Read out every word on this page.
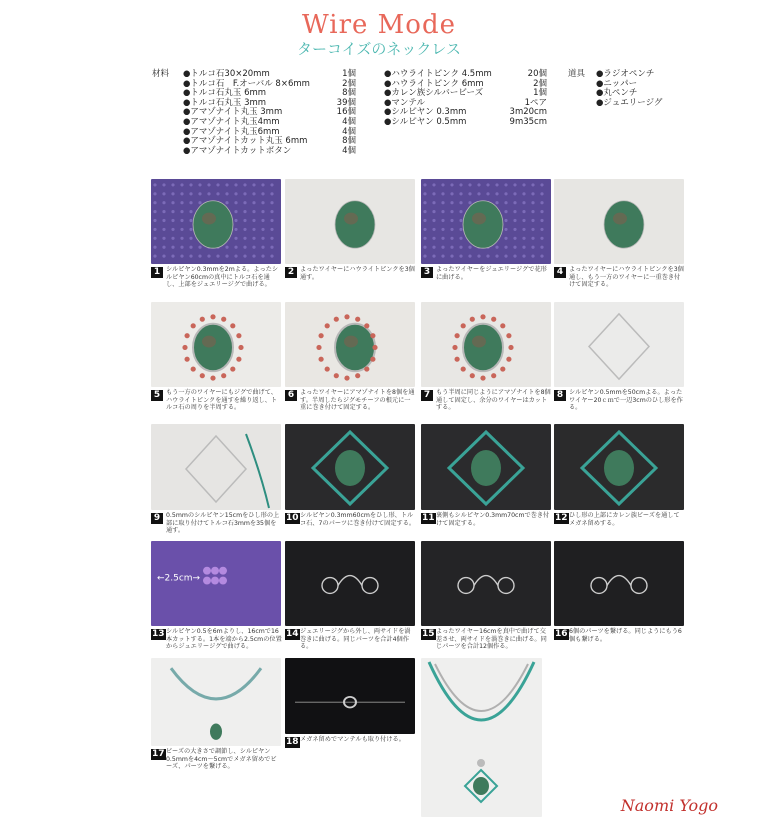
Wire Mode
ターコイズのネックレス
材料 ●トルコ石30×20mm	1個
●トルコ石　F.オーバル 8×6mm	2個
●トルコ石丸玉 6mm	8個
●トルコ石丸玉 3mm	39個
●アマゾナイト丸玉 3mm	16個
●アマゾナイト丸玉4mm	4個
●アマゾナイト丸玉6mm	4個
●アマゾナイトカット丸玉 6mm	8個
●アマゾナイトカットボタン	4個
●ハウライトピンク 4.5mm	20個
●ハウライトピンク 6mm	2個
●カレン族シルバービーズ	1個
●マンテル	1ペア
●シルピヤン 0.3mm	3m20cm
●シルピヤン 0.5mm	9m35cm
道具 ●ラジオペンチ
●ニッパー
●丸ペンチ
●ジュエリージグ
1 シルピヤン0.3mmを2mよる。よったシルピヤン60cmの真中にトルコ石を通し、上部をジュエリージグで曲げる。
2 よったワイヤーにハウライトピンクを3個通す。
3 よったワイヤーをジュエリージグで花形に曲げる。
4 よったワイヤーにハウライトピンクを3個通し、もう一方のワイヤーに一重巻き付けて固定する。
5 もう一方のワイヤーにもジグで曲げて、ハウライトピンクを通すを繰り返し、トルコ石の周りを半周する。
6 よったワイヤーにアマゾナイトを8個を通す。半周したらジグモチーフの根元に一重に巻き付けて固定する。
7 もう半周に同じようにアマゾナイトを8個通して固定し、余分のワイヤーはカットする。
8 シルピヤン0.5mmを50cmよる。よったワイヤー20ｃｍで一辺3cmのひし形を作る。
9 0.5mmのシルピヤン15cmをひし形の上部に取り付けてトルコ石3mmを35個を通す。
10 シルピヤン0.3mm60cmをひし形、トルコ石、7のパーツに巻き付けて固定する。
11 裏側もシルピヤン0.3mm70cmで巻き付けて固定する。
12 ひし形の上部にカレン族ビーズを通してメガネ留めする。
←2.5cm→
13 シルピヤン0.5を6mよりし、16cmで16本カットする。1本を端から2.5cmの位置からジュエリージグで曲げる。
14 ジュエリージグから外し、両サイドを渦巻きに曲げる。同じパーツを合計4個作る。
15 よったワイヤー16cmを真中で曲げて交差させ、両サイドを渦巻きに曲げる。同じパーツを合計12個作る。
16 6個のパーツを繋げる。同じようにもう6個も繋げる。
17 ビーズの大きさで調節し、シルピヤン0.5mmを4cm～5cmでメガネ留めでビーズ、パーツを繋げる。
18 メガネ留めでマンテルも取り付ける。
Naomi Yogo
